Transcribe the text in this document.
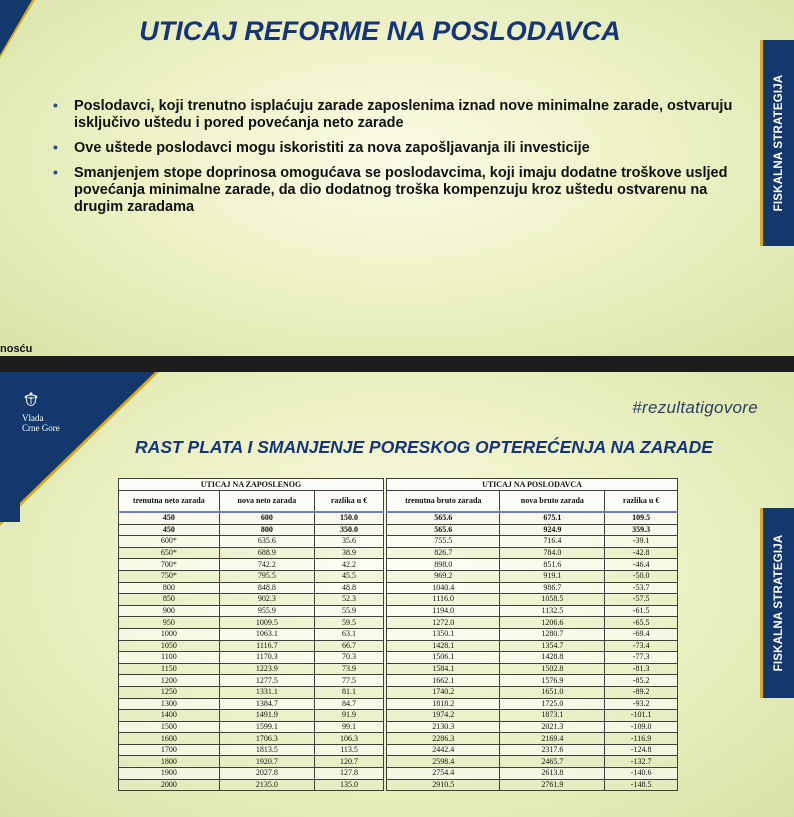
UTICAJ REFORME NA POSLODAVCA
• Poslodavci, koji trenutno isplaćuju zarade zaposlenima iznad nove minimalne zarade, ostvaruju isključivo uštedu i pored povećanja neto zarade
• Ove uštede poslodavci mogu iskoristiti za nova zapošljavanja ili investicije
• Smanjenjem stope doprinosa omogućava se poslodavcima, koji imaju dodatne troškove usljed povećanja minimalne zarade, da dio dodatnog troška kompenzuju kroz uštedu ostvarenu na drugim zaradama	FISKALNA STRATEGIJA
nosću
Vlada
Crne Gore
#rezultatigovore
RAST PLATA I SMANJENJE PORESKOG OPTEREĆENJA NA ZARADE
UTICAJ NA ZAPOSLENOG		
trenutna neto zarada	nova neto zarada	razlika u €
450	600	150.0
450	800	350.0
600*	635.6	35.6
650*	688.9	38.9
700*	742.2	42.2
750*	795.5	45.5
800	848.8	48.8
850	902.3	52.3
900	955.9	55.9
950	1009.5	59.5
1000	1063.1	63.1
1050	1116.7	66.7
1100	1170.3	70.3
1150	1223.9	73.9
1200	1277.5	77.5
1250	1331.1	81.1
1300	1384.7	84.7
1400	1491.9	91.9
1500	1599.1	99.1
1600	1706.3	106.3
1700	1813.5	113.5
1800	1920.7	120.7
1900	2027.8	127.8
2000	2135.0	135.0
UTICAJ NA POSLODAVCA		
trenutna bruto zarada	nova bruto zarada	razlika u €
565.6	675.1	109.5
565.6	924.9	359.3
755.5	716.4	-39.1
826.7	784.0	-42.8
898.0	851.6	-46.4
969.2	919.1	-50.0
1040.4	986.7	-53.7
1116.0	1058.5	-57.5
1194.0	1132.5	-61.5
1272.0	1206.6	-65.5
1350.1	1280.7	-69.4
1428.1	1354.7	-73.4
1506.1	1428.8	-77.3
1584.1	1502.8	-81.3
1662.1	1576.9	-85.2
1740.2	1651.0	-89.2
1818.2	1725.0	-93.2
1974.2	1873.1	-101.1
2130.3	2021.3	-109.0
2286.3	2169.4	-116.9
2442.4	2317.6	-124.8
2598.4	2465.7	-132.7
2754.4	2613.8	-140.6
2910.5	2761.9	-148.5
FISKALNA STRATEGIJA
